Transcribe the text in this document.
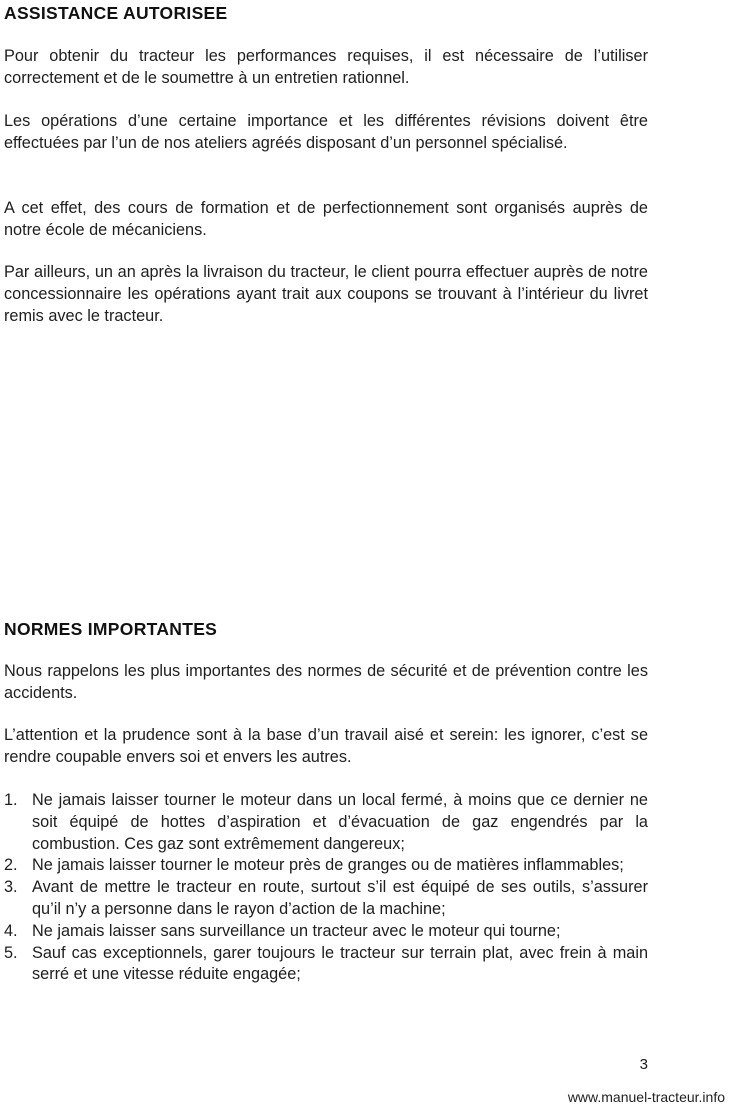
ASSISTANCE AUTORISEE

Pour obtenir du tracteur les performances requises, il est nécessaire de l’utiliser correctement et de le soumettre à un entretien rationnel.

Les opérations d’une certaine importance et les différentes révisions doivent être effectuées par l’un de nos ateliers agréés disposant d’un personnel spécialisé.

A cet effet, des cours de formation et de perfectionnement sont organisés auprès de notre école de mécaniciens.

Par ailleurs, un an après la livraison du tracteur, le client pourra effectuer auprès de notre concessionnaire les opérations ayant trait aux coupons se trouvant à l’intérieur du livret remis avec le tracteur.

NORMES IMPORTANTES

Nous rappelons les plus importantes des normes de sécurité et de prévention contre les accidents.

L’attention et la prudence sont à la base d’un travail aisé et serein: les ignorer, c’est se rendre coupable envers soi et envers les autres.

1. Ne jamais laisser tourner le moteur dans un local fermé, à moins que ce dernier ne soit équipé de hottes d’aspiration et d’évacuation de gaz engendrés par la combustion. Ces gaz sont extrêmement dangereux;
2. Ne jamais laisser tourner le moteur près de granges ou de matières inflammables;
3. Avant de mettre le tracteur en route, surtout s’il est équipé de ses outils, s’assurer qu’il n’y a personne dans le rayon d’action de la machine;
4. Ne jamais laisser sans surveillance un tracteur avec le moteur qui tourne;
5. Sauf cas exceptionnels, garer toujours le tracteur sur terrain plat, avec frein à main serré et une vitesse réduite engagée;
3
www.manuel-tracteur.info
